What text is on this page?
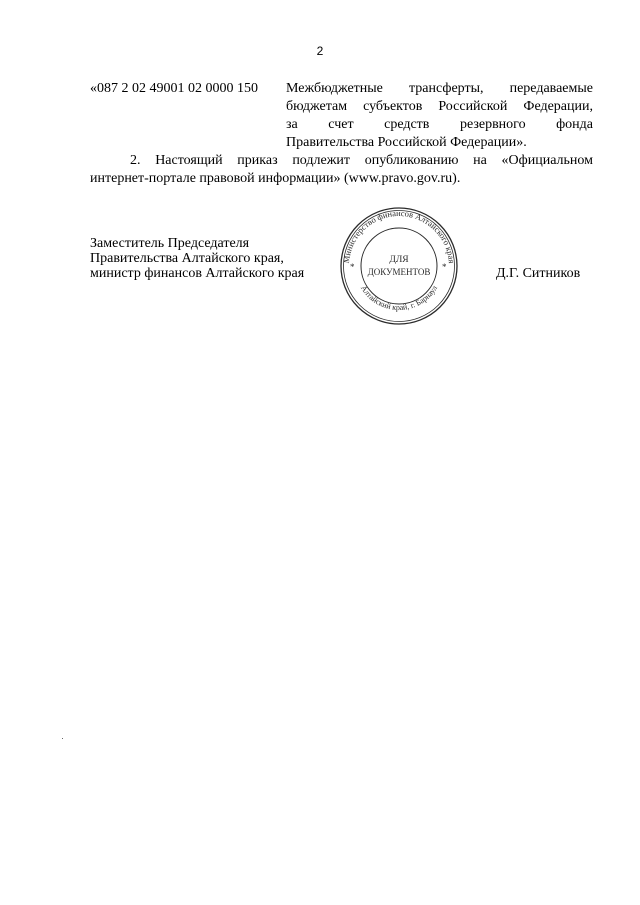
2
«087 2 02 49001 02 0000 150 Межбюджетные трансферты, передаваемые
бюджетам субъектов Российской Федерации,
за счет средств резервного фонда
Правительства Российской Федерации».
2. Настоящий приказ подлежит опубликованию на «Официальном
интернет-портале правовой информации» (www.pravo.gov.ru).
Заместитель Председателя
Правительства Алтайского края,
министр финансов Алтайского края
Министерство финансов Алтайского края
Алтайский край, г. Барнаул
*	*
ДЛЯ
ДОКУМЕНТОВ	Д.Г. Ситников
